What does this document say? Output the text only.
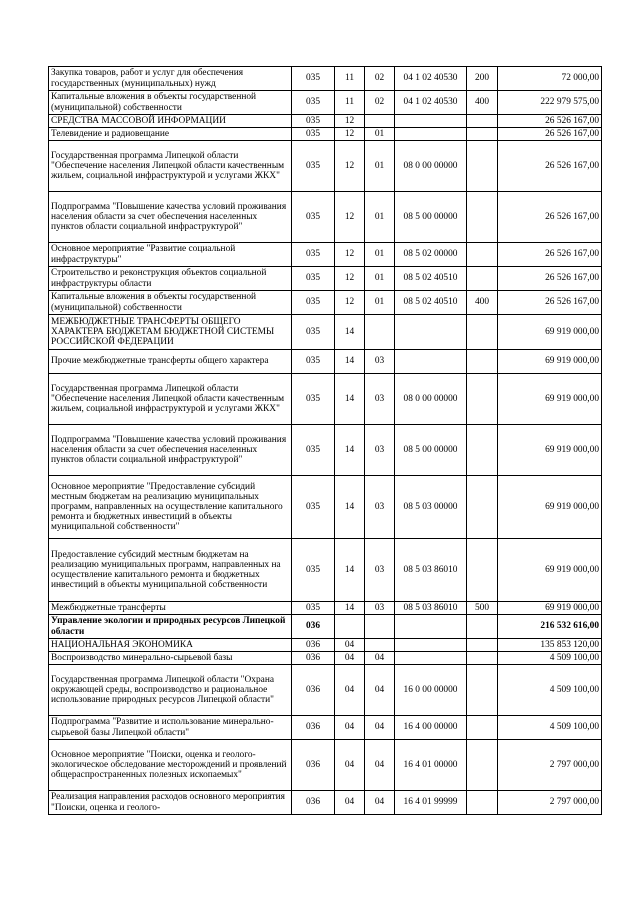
Закупка товаров, работ и услуг для обеспечения государственных (муниципальных) нужд	035	11	02	04 1 02 40530	200	72 000,00
Капитальные вложения в объекты государственной (муниципальной) собственности	035	11	02	04 1 02 40530	400	222 979 575,00
СРЕДСТВА МАССОВОЙ ИНФОРМАЦИИ	035	12				26 526 167,00
Телевидение и радиовещание	035	12	01			26 526 167,00
Государственная программа Липецкой области "Обеспечение населения Липецкой области качественным жильем, социальной инфраструктурой и услугами ЖКХ"	035	12	01	08 0 00 00000		26 526 167,00
Подпрограмма "Повышение качества условий проживания населения области за счет обеспечения населенных пунктов области социальной инфраструктурой"	035	12	01	08 5 00 00000		26 526 167,00
Основное мероприятие "Развитие социальной инфраструктуры"	035	12	01	08 5 02 00000		26 526 167,00
Строительство и реконструкция объектов социальной инфраструктуры области	035	12	01	08 5 02 40510		26 526 167,00
Капитальные вложения в объекты государственной (муниципальной) собственности	035	12	01	08 5 02 40510	400	26 526 167,00
МЕЖБЮДЖЕТНЫЕ ТРАНСФЕРТЫ ОБЩЕГО ХАРАКТЕРА БЮДЖЕТАМ БЮДЖЕТНОЙ СИСТЕМЫ РОССИЙСКОЙ ФЕДЕРАЦИИ	035	14				69 919 000,00
Прочие межбюджетные трансферты общего характера	035	14	03			69 919 000,00
Государственная программа Липецкой области "Обеспечение населения Липецкой области качественным жильем, социальной инфраструктурой и услугами ЖКХ"	035	14	03	08 0 00 00000		69 919 000,00
Подпрограмма "Повышение качества условий проживания населения области за счет обеспечения населенных пунктов области социальной инфраструктурой"	035	14	03	08 5 00 00000		69 919 000,00
Основное мероприятие "Предоставление субсидий местным бюджетам на реализацию муниципальных программ, направленных на осуществление капитального ремонта и бюджетных инвестиций в объекты муниципальной собственности"	035	14	03	08 5 03 00000		69 919 000,00
Предоставление субсидий местным бюджетам на реализацию муниципальных программ, направленных на осуществление капитального ремонта и бюджетных инвестиций в объекты муниципальной собственности	035	14	03	08 5 03 86010		69 919 000,00
Межбюджетные трансферты	035	14	03	08 5 03 86010	500	69 919 000,00
Управление экологии и природных ресурсов Липецкой области	036					216 532 616,00
НАЦИОНАЛЬНАЯ ЭКОНОМИКА	036	04				135 853 120,00
Воспроизводство минерально-сырьевой базы	036	04	04			4 509 100,00
Государственная программа Липецкой области "Охрана окружающей среды, воспроизводство и рациональное использование природных ресурсов Липецкой области"	036	04	04	16 0 00 00000		4 509 100,00
Подпрограмма "Развитие и использование минерально-сырьевой базы Липецкой области"	036	04	04	16 4 00 00000		4 509 100,00
Основное мероприятие "Поиски, оценка и геолого-экологическое обследование месторождений и проявлений общераспространенных полезных ископаемых"	036	04	04	16 4 01 00000		2 797 000,00
Реализация направления расходов основного мероприятия "Поиски, оценка и геолого-	036	04	04	16 4 01 99999		2 797 000,00
